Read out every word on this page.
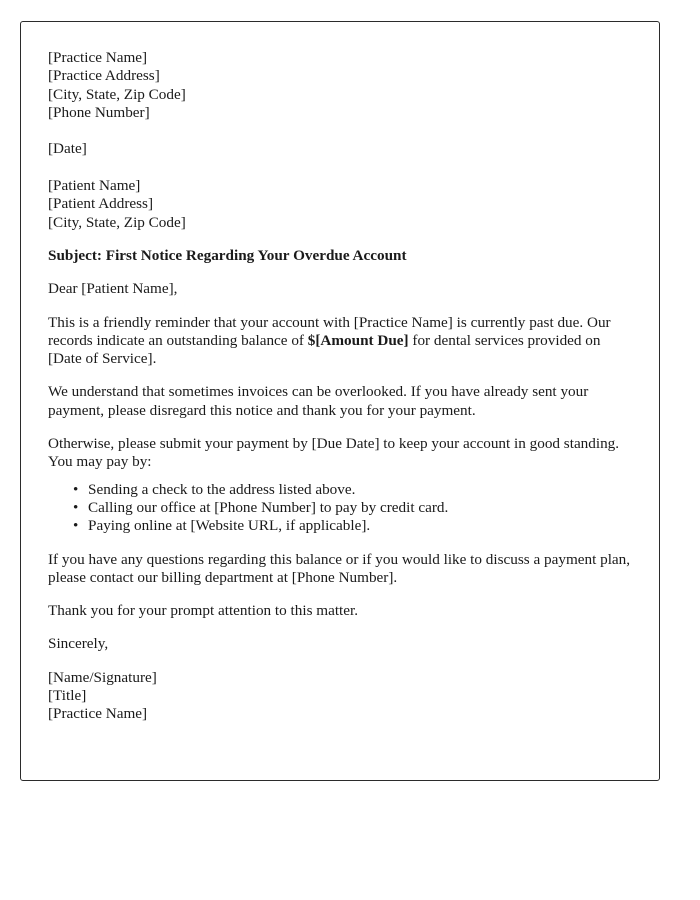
[Practice Name]
[Practice Address]
[City, State, Zip Code]
[Phone Number]
[Date]
[Patient Name]
[Patient Address]
[City, State, Zip Code]

Subject: First Notice Regarding Your Overdue Account

Dear [Patient Name],

This is a friendly reminder that your account with [Practice Name] is currently past due. Our records indicate an outstanding balance of $[Amount Due] for dental services provided on [Date of Service].

We understand that sometimes invoices can be overlooked. If you have already sent your payment, please disregard this notice and thank you for your payment.

Otherwise, please submit your payment by [Due Date] to keep your account in good standing. You may pay by:

• Sending a check to the address listed above.
• Calling our office at [Phone Number] to pay by credit card.
• Paying online at [Website URL, if applicable].

If you have any questions regarding this balance or if you would like to discuss a payment plan, please contact our billing department at [Phone Number].

Thank you for your prompt attention to this matter.

Sincerely,

[Name/Signature]
[Title]
[Practice Name]
